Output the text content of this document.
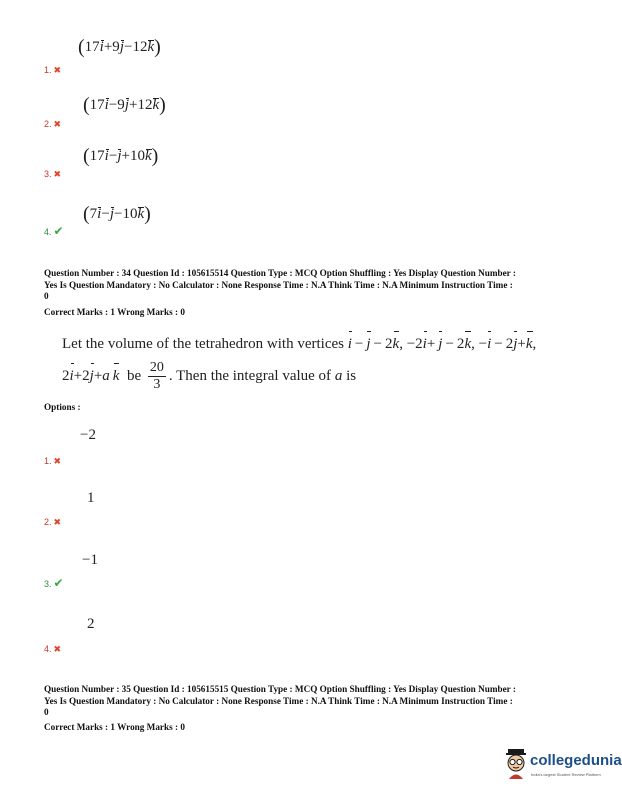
(17i+9j−12k)
1. ✖
(17i−9j+12k)
2. ✖
(17i−j+10k)
3. ✖
(7i−j−10k)
4. ✔
Question Number : 34 Question Id : 105615514 Question Type : MCQ Option Shuffling : Yes Display Question Number :
Yes Is Question Mandatory : No Calculator : None Response Time : N.A Think Time : N.A Minimum Instruction Time :
0
Correct Marks : 1 Wrong Marks : 0
Let the volume of the tetrahedron with vertices i − j − 2k, −2i+ j − 2k, −i − 2j+k,
2i+2j+a  k be $\frac{20}{3}$ . Then the integral value of a is
Options :
−2
1. ✖
1
2. ✖
−1
3. ✔
2
4. ✖
Question Number : 35 Question Id : 105615515 Question Type : MCQ Option Shuffling : Yes Display Question Number :
Yes Is Question Mandatory : No Calculator : None Response Time : N.A Think Time : N.A Minimum Instruction Time :
0
Correct Marks : 1 Wrong Marks : 0
collegedunia
India's largest Student Review Platform
